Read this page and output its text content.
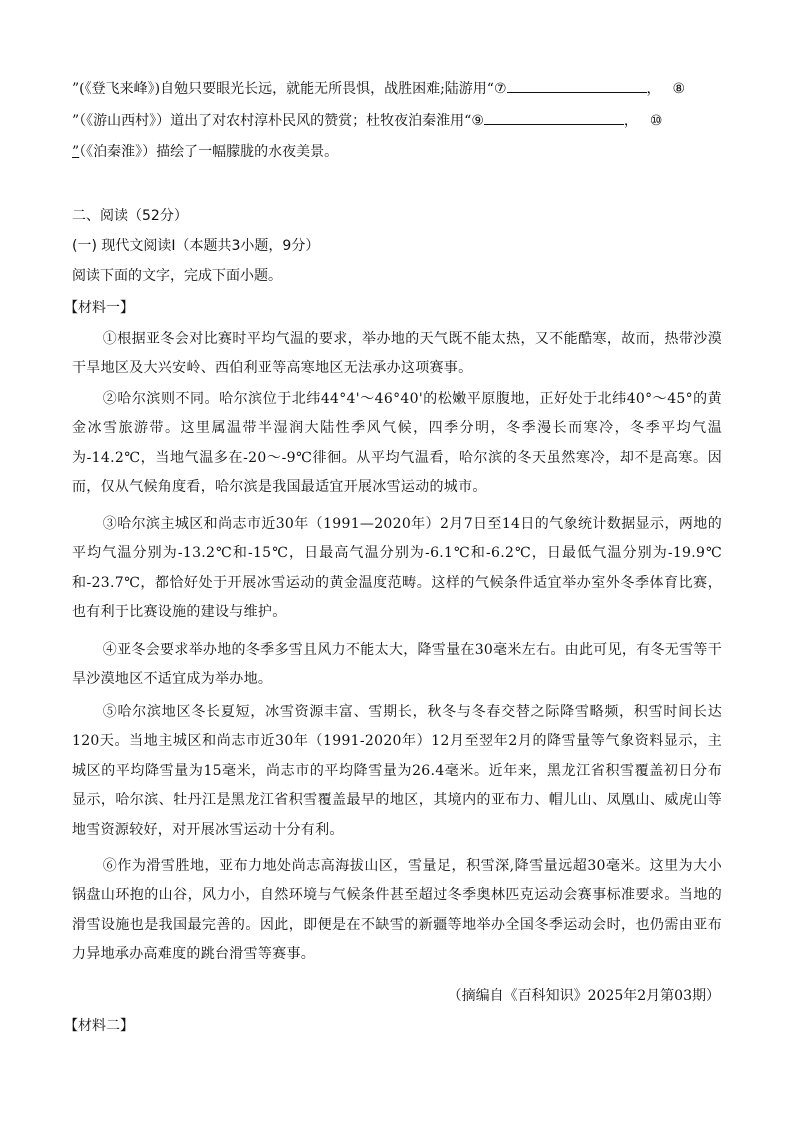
”(《登飞来峰》)自勉只要眼光长远，就能无所畏惧，战胜困难;陆游用“⑦	， ⑧
”（《游山西村》）道出了对农村淳朴民风的赞赏；杜牧夜泊秦淮用“⑨	， ⑩
”（《泊秦淮》）描绘了一幅朦胧的水夜美景。
二、阅读（52分）
(一) 现代文阅读Ⅰ（本题共3小题，9分）
阅读下面的文字，完成下面小题。
【材料一】

①根据亚冬会对比赛时平均气温的要求，举办地的天气既不能太热，又不能酷寒，故而，热带沙漠干旱地区及大兴安岭、西伯利亚等高寒地区无法承办这项赛事。

②哈尔滨则不同。哈尔滨位于北纬44°4'～46°40'的松嫩平原腹地，正好处于北纬40°～45°的黄金冰雪旅游带。这里属温带半湿润大陆性季风气候，四季分明，冬季漫长而寒冷，冬季平均气温为-14.2℃，当地气温多在-20～-9℃徘徊。从平均气温看，哈尔滨的冬天虽然寒冷，却不是高寒。因而，仅从气候角度看，哈尔滨是我国最适宜开展冰雪运动的城市。

③哈尔滨主城区和尚志市近30年（1991—2020年）2月7日至14日的气象统计数据显示，两地的平均气温分别为-13.2℃和-15℃，日最高气温分别为-6.1℃和-6.2℃，日最低气温分别为-19.9℃和-23.7℃，都恰好处于开展冰雪运动的黄金温度范畴。这样的气候条件适宜举办室外冬季体育比赛，也有利于比赛设施的建设与维护。

④亚冬会要求举办地的冬季多雪且风力不能太大，降雪量在30毫米左右。由此可见，有冬无雪等干旱沙漠地区不适宜成为举办地。

⑤哈尔滨地区冬长夏短，冰雪资源丰富、雪期长，秋冬与冬春交替之际降雪略频，积雪时间长达120天。当地主城区和尚志市近30年（1991-2020年）12月至翌年2月的降雪量等气象资料显示，主城区的平均降雪量为15毫米，尚志市的平均降雪量为26.4毫米。近年来，黑龙江省积雪覆盖初日分布显示，哈尔滨、牡丹江是黑龙江省积雪覆盖最早的地区，其境内的亚布力、帽儿山、凤凰山、威虎山等地雪资源较好，对开展冰雪运动十分有利。

⑥作为滑雪胜地，亚布力地处尚志高海拔山区，雪量足，积雪深,降雪量远超30毫米。这里为大小锅盘山环抱的山谷，风力小，自然环境与气候条件甚至超过冬季奥林匹克运动会赛事标准要求。当地的滑雪设施也是我国最完善的。因此，即便是在不缺雪的新疆等地举办全国冬季运动会时，也仍需由亚布力异地承办高难度的跳台滑雪等赛事。

（摘编自《百科知识》2025年2月第03期）
【材料二】
